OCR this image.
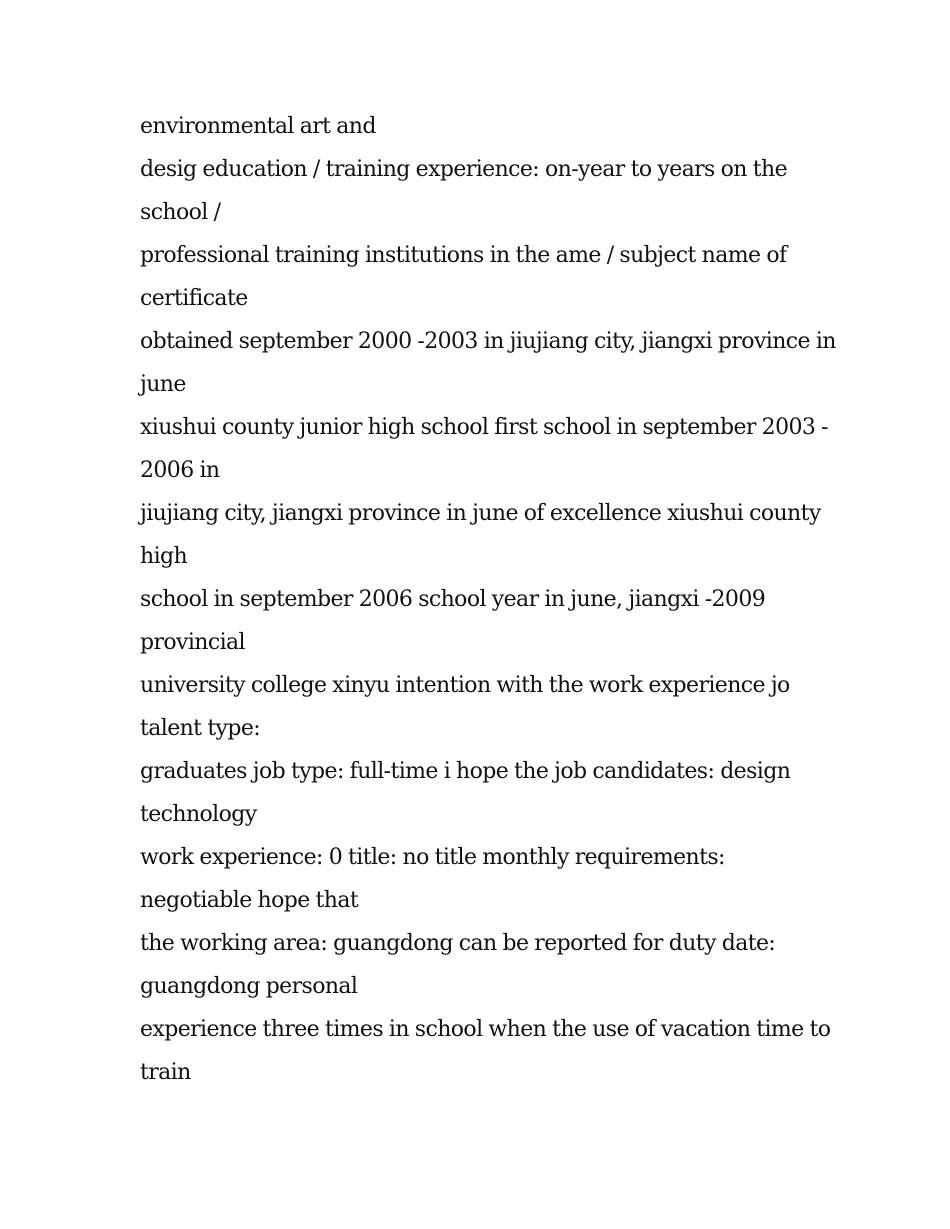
environmental art and
desig education / training experience: on-year to years on the
school /
professional training institutions in the ame / subject name of
certificate
obtained september 2000 -2003 in jiujiang city, jiangxi province in
june
xiushui county junior high school first school in september 2003 -
2006 in
jiujiang city, jiangxi province in june of excellence xiushui county
high
school in september 2006 school year in june, jiangxi -2009
provincial
university college xinyu intention with the work experience jo
talent type:
graduates job type: full-time i hope the job candidates: design
technology
work experience: 0 title: no title monthly requirements:
negotiable hope that
the working area: guangdong can be reported for duty date:
guangdong personal
experience three times in school when the use of vacation time to
train
